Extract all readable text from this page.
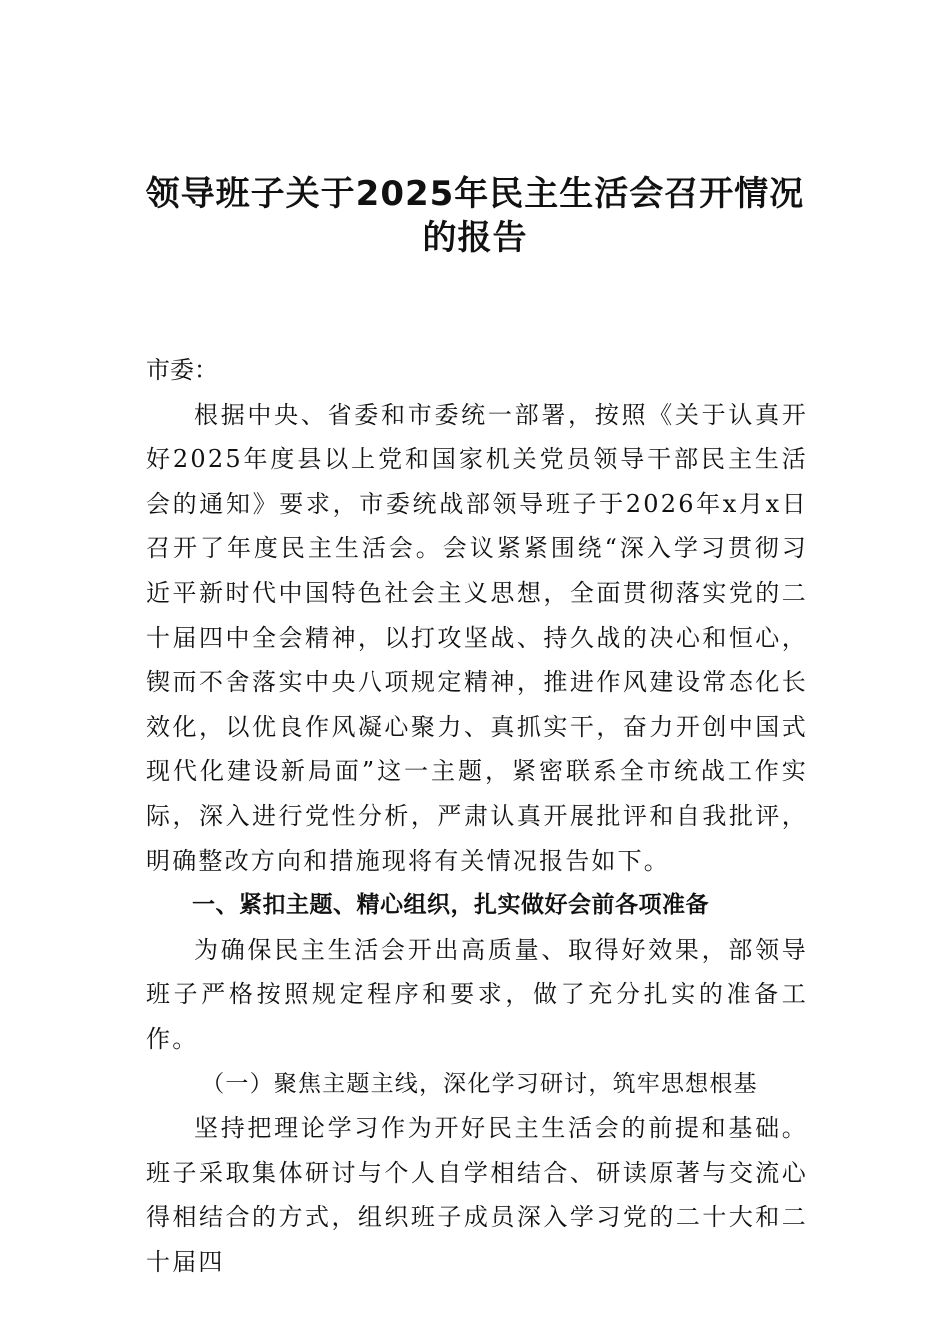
领导班子关于2025年民主生活会召开情况
的报告

市委：

根据中央、省委和市委统一部署，按照《关于认真开好2025年度县以上党和国家机关党员领导干部民主生活会的通知》要求，市委统战部领导班子于2026年x月x日召开了年度民主生活会。会议紧紧围绕“深入学习贯彻习近平新时代中国特色社会主义思想，全面贯彻落实党的二十届四中全会精神，以打攻坚战、持久战的决心和恒心，锲而不舍落实中央八项规定精神，推进作风建设常态化长效化，以优良作风凝心聚力、真抓实干，奋力开创中国式现代化建设新局面”这一主题，紧密联系全市统战工作实际，深入进行党性分析，严肃认真开展批评和自我批评，明确整改方向和措施现将有关情况报告如下。

一、紧扣主题、精心组织，扎实做好会前各项准备

为确保民主生活会开出高质量、取得好效果，部领导班子严格按照规定程序和要求，做了充分扎实的准备工作。

（一）聚焦主题主线，深化学习研讨，筑牢思想根基

坚持把理论学习作为开好民主生活会的前提和基础。班子采取集体研讨与个人自学相结合、研读原著与交流心得相结合的方式，组织班子成员深入学习党的二十大和二十届四
